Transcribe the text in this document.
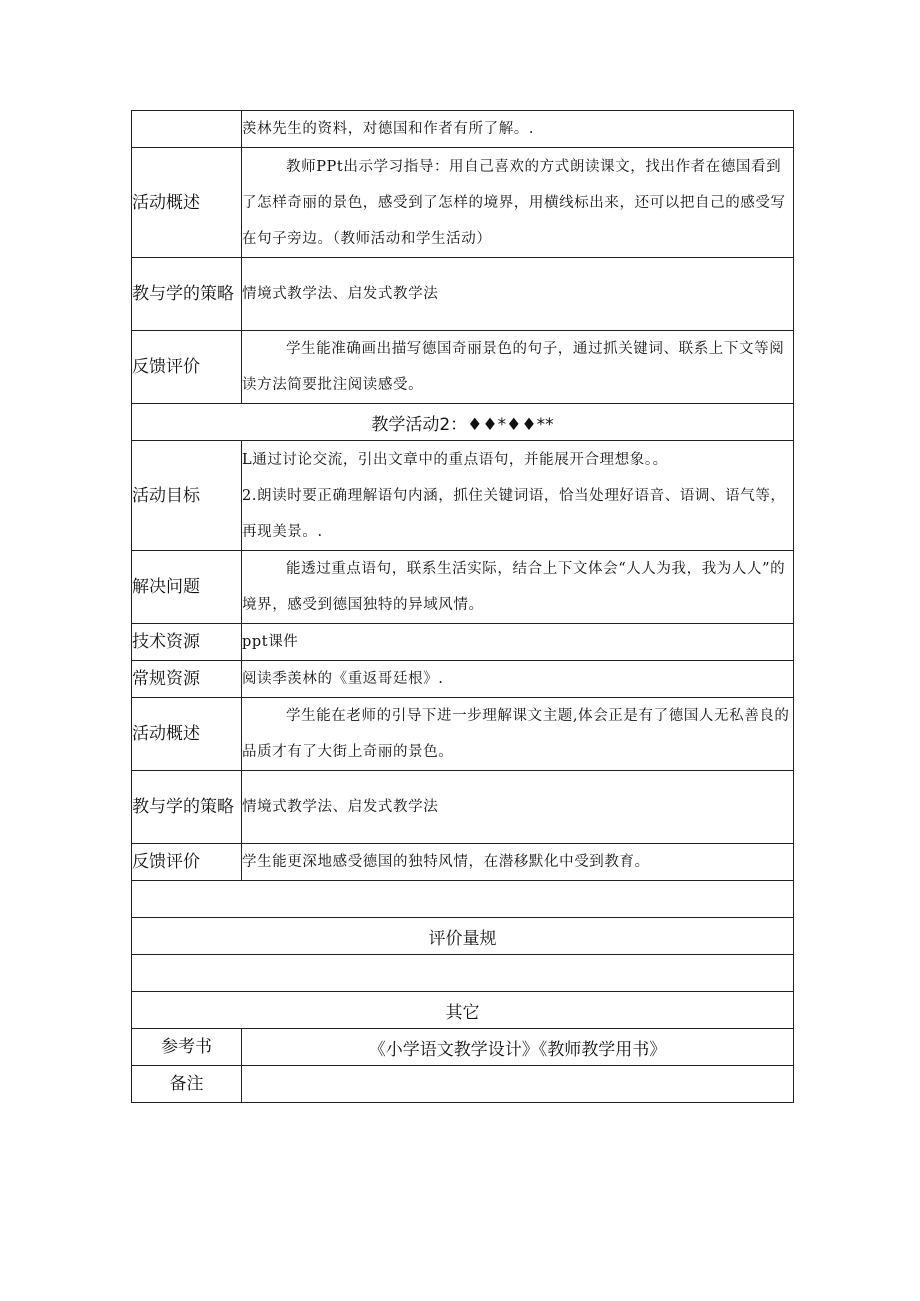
	羡林先生的资料，对德国和作者有所了解。.
活动概述	教师PPt出示学习指导：用自己喜欢的方式朗读课文，找出作者在德国看到了怎样奇丽的景色，感受到了怎样的境界，用横线标出来，还可以把自己的感受写在句子旁边。（教师活动和学生活动）

教与学的策略	情境式教学法、启发式教学法
反馈评价	学生能准确画出描写德国奇丽景色的句子，通过抓关键词、联系上下文等阅读方法简要批注阅读感受。

教学活动2：♦♦*♦♦**	
活动目标	L通过讨论交流，引出文章中的重点语句，并能展开合理想象。。
2.朗读时要正确理解语句内涵，抓住关键词语，恰当处理好语音、语调、语气等，再现美景。.

解决问题	能透过重点语句，联系生活实际，结合上下文体会“人人为我，我为人人”的境界，感受到德国独特的异域风情。

技术资源	ppt课件
常规资源	阅读季羡林的《重返哥廷根》.
活动概述	学生能在老师的引导下进一步理解课文主题,体会正是有了德国人无私善良的品质才有了大街上奇丽的景色。

教与学的策略	情境式教学法、启发式教学法
反馈评价	学生能更深地感受德国的独特风情，在潜移默化中受到教育。

评价量规	

其它	
参考书	《小学语文教学设计》《教师教学用书》
备注	
